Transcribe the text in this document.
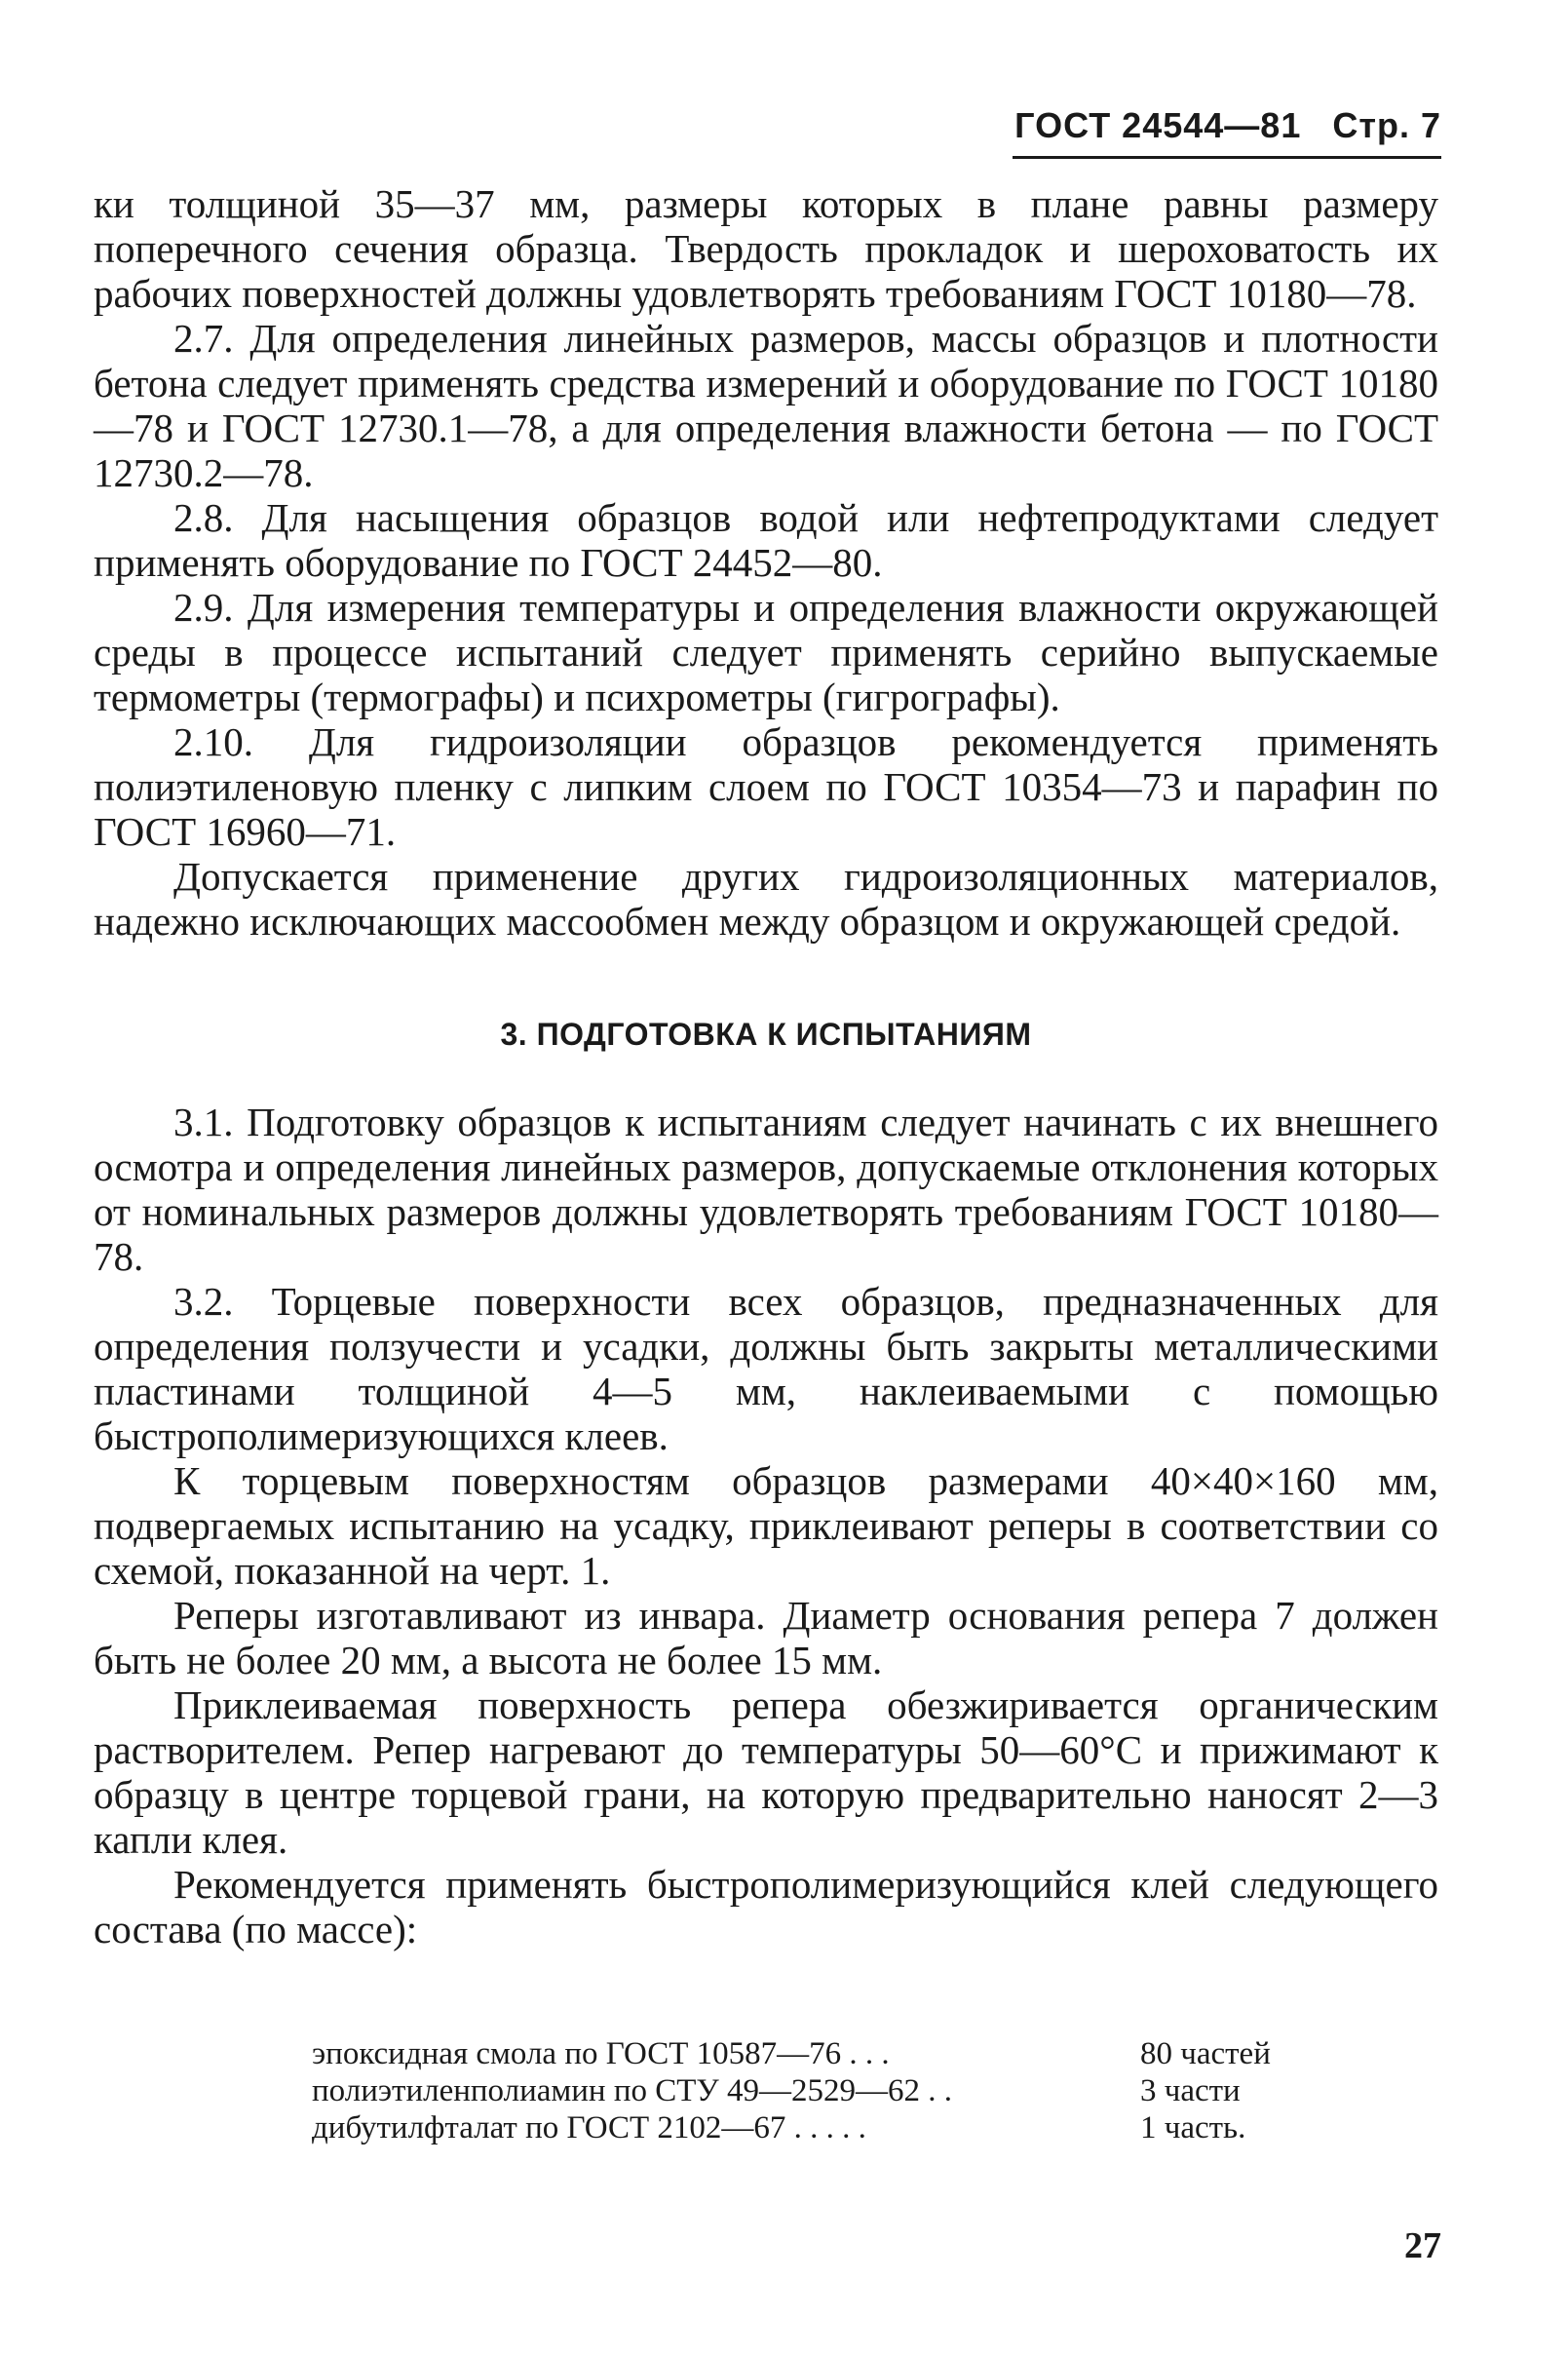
ГОСТ 24544—81 Стр. 7

ки толщиной 35—37 мм, размеры которых в плане равны размеру поперечного сечения образца. Твердость прокладок и шероховатость их рабочих поверхностей должны удовлетворять требованиям ГОСТ 10180—78.

2.7. Для определения линейных размеров, массы образцов и плотности бетона следует применять средства измерений и оборудование по ГОСТ 10180—78 и ГОСТ 12730.1—78, а для определения влажности бетона — по ГОСТ 12730.2—78.

2.8. Для насыщения образцов водой или нефтепродуктами следует применять оборудование по ГОСТ 24452—80.

2.9. Для измерения температуры и определения влажности окружающей среды в процессе испытаний следует применять серийно выпускаемые термометры (термографы) и психрометры (гигрографы).

2.10. Для гидроизоляции образцов рекомендуется применять полиэтиленовую пленку с липким слоем по ГОСТ 10354—73 и парафин по ГОСТ 16960—71.

Допускается применение других гидроизоляционных материалов, надежно исключающих массообмен между образцом и окружающей средой.

3. ПОДГОТОВКА К ИСПЫТАНИЯМ

3.1. Подготовку образцов к испытаниям следует начинать с их внешнего осмотра и определения линейных размеров, допускаемые отклонения которых от номинальных размеров должны удовлетворять требованиям ГОСТ 10180—78.

3.2. Торцевые поверхности всех образцов, предназначенных для определения ползучести и усадки, должны быть закрыты металлическими пластинами толщиной 4—5 мм, наклеиваемыми с помощью быстрополимеризующихся клеев.

К торцевым поверхностям образцов размерами 40×40×160 мм, подвергаемых испытанию на усадку, приклеивают реперы в соответствии со схемой, показанной на черт. 1.

Реперы изготавливают из инвара. Диаметр основания репера 7 должен быть не более 20 мм, а высота не более 15 мм.

Приклеиваемая поверхность репера обезжиривается органическим растворителем. Репер нагревают до температуры 50—60°С и прижимают к образцу в центре торцевой грани, на которую предварительно наносят 2—3 капли клея.

Рекомендуется применять быстрополимеризующийся клей следующего состава (по массе):

эпоксидная смола по ГОСТ 10587—76 . . .	80 частей
полиэтиленполиамин по СТУ 49—2529—62 . .	3 части
дибутилфталат по ГОСТ 2102—67 . . . . .	1 часть.
27
